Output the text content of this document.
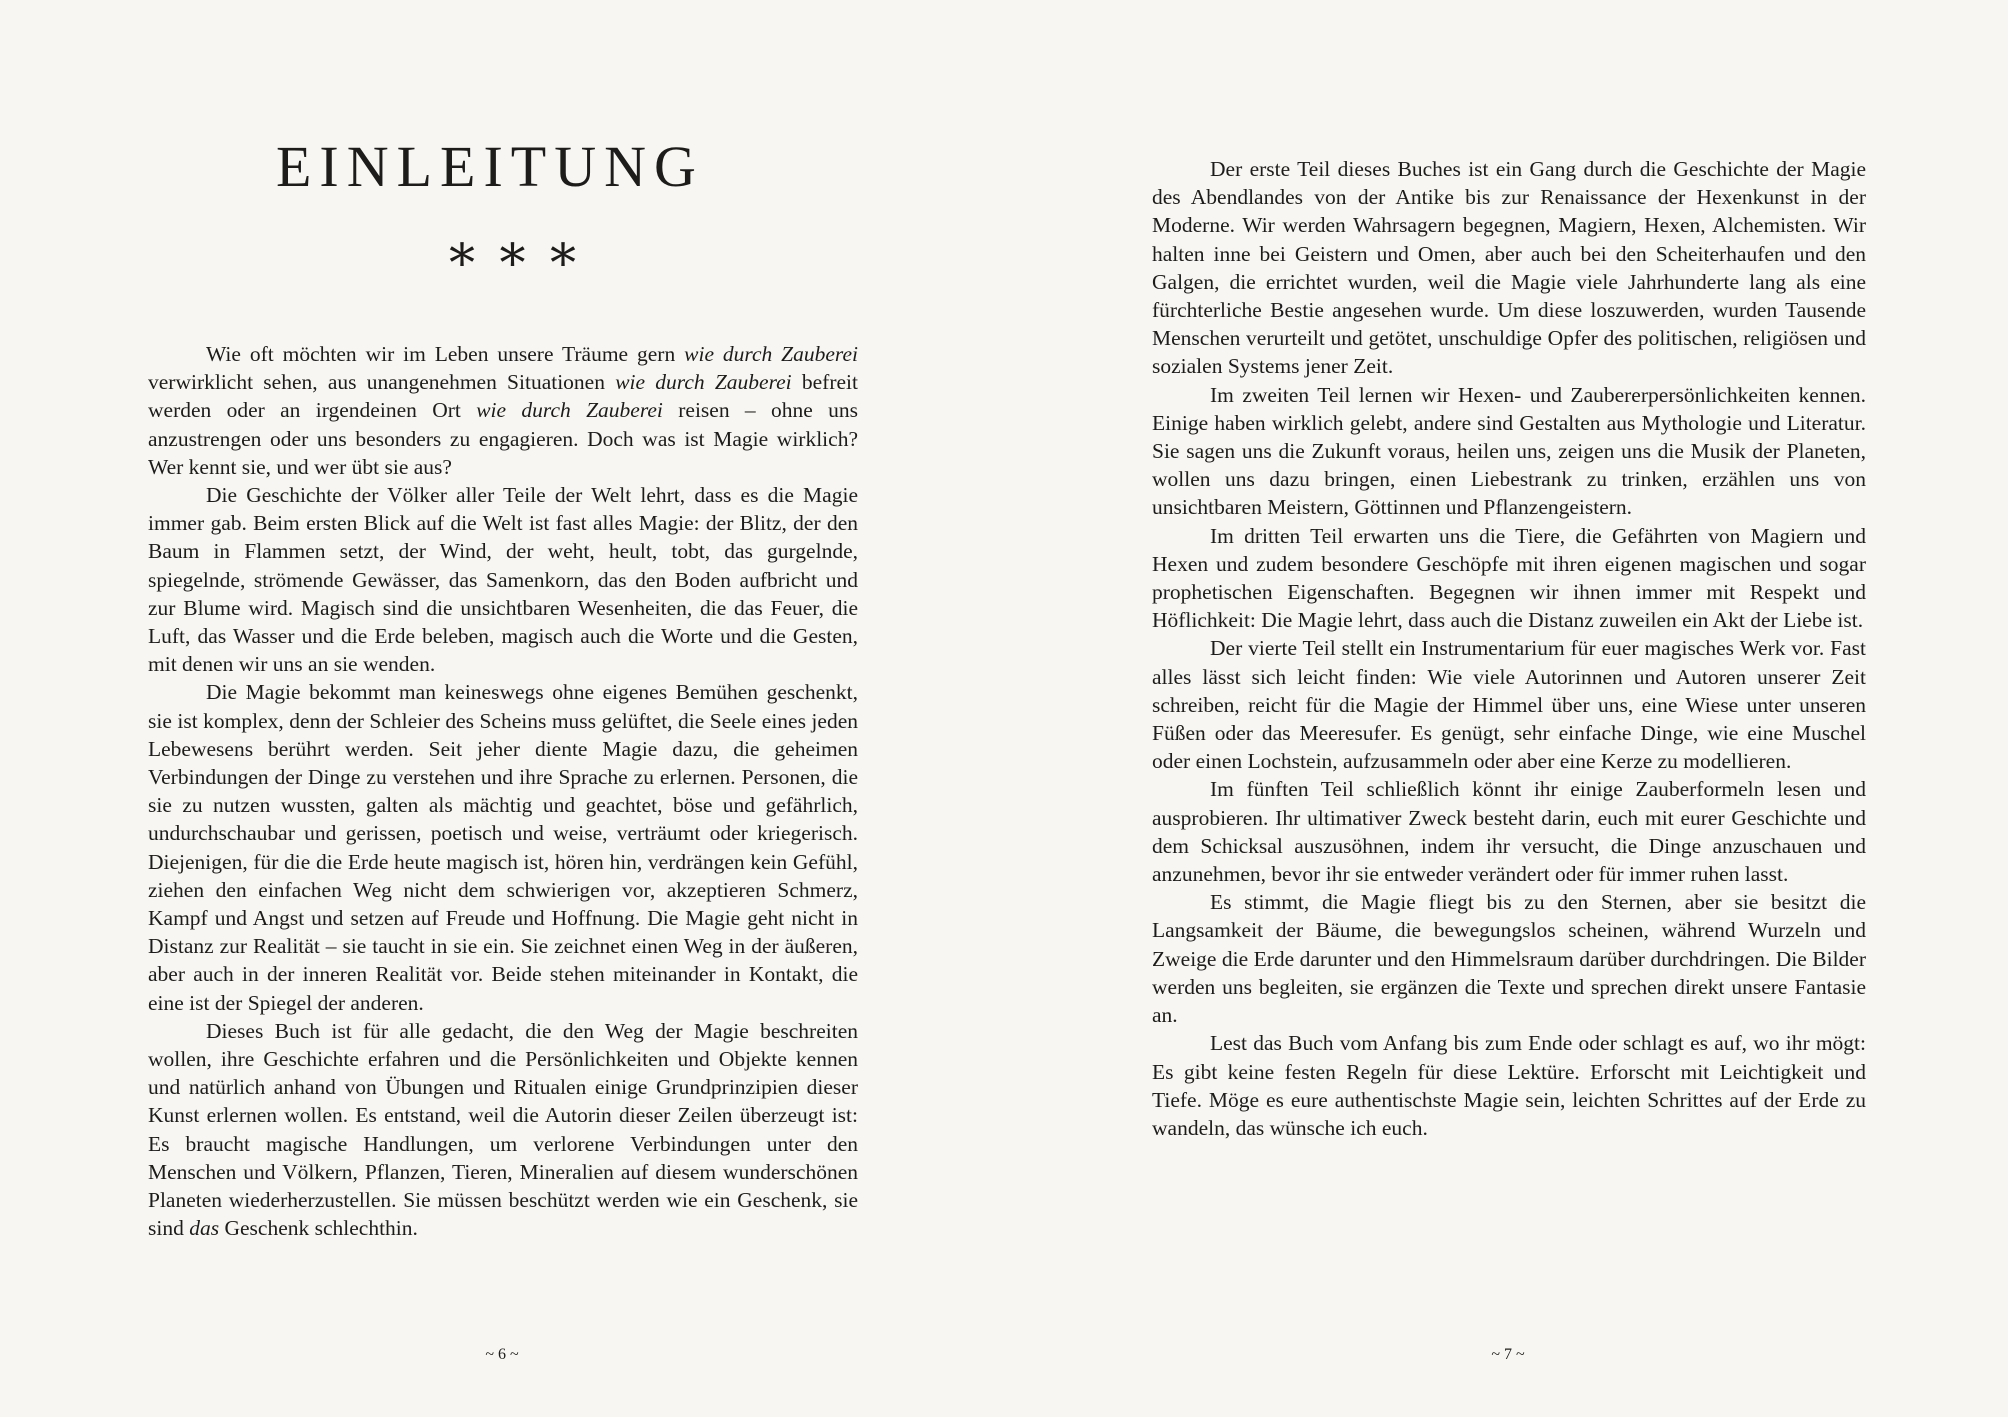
EINLEITUNG
* * *

Wie oft möchten wir im Leben unsere Träume gern wie durch Zauberei verwirklicht sehen, aus unangenehmen Situationen wie durch Zauberei befreit werden oder an irgendeinen Ort wie durch Zauberei reisen – ohne uns anzustrengen oder uns besonders zu engagieren. Doch was ist Magie wirklich? Wer kennt sie, und wer übt sie aus?

Die Geschichte der Völker aller Teile der Welt lehrt, dass es die Magie immer gab. Beim ersten Blick auf die Welt ist fast alles Magie: der Blitz, der den Baum in Flammen setzt, der Wind, der weht, heult, tobt, das gurgelnde, spiegelnde, strömende Gewässer, das Samenkorn, das den Boden aufbricht und zur Blume wird. Magisch sind die unsichtbaren Wesenheiten, die das Feuer, die Luft, das Wasser und die Erde beleben, magisch auch die Worte und die Gesten, mit denen wir uns an sie wenden.

Die Magie bekommt man keineswegs ohne eigenes Bemühen geschenkt, sie ist komplex, denn der Schleier des Scheins muss gelüftet, die Seele eines jeden Lebewesens berührt werden. Seit jeher diente Magie dazu, die geheimen Verbindungen der Dinge zu verstehen und ihre Sprache zu erlernen. Personen, die sie zu nutzen wussten, galten als mächtig und geachtet, böse und gefährlich, undurchschaubar und gerissen, poetisch und weise, verträumt oder kriegerisch. Diejenigen, für die die Erde heute magisch ist, hören hin, verdrängen kein Gefühl, ziehen den einfachen Weg nicht dem schwierigen vor, akzeptieren Schmerz, Kampf und Angst und setzen auf Freude und Hoffnung. Die Magie geht nicht in Distanz zur Realität – sie taucht in sie ein. Sie zeichnet einen Weg in der äußeren, aber auch in der inneren Realität vor. Beide stehen miteinander in Kontakt, die eine ist der Spiegel der anderen.

Dieses Buch ist für alle gedacht, die den Weg der Magie beschreiten wollen, ihre Geschichte erfahren und die Persönlichkeiten und Objekte kennen und natürlich anhand von Übungen und Ritualen einige Grundprinzipien dieser Kunst erlernen wollen. Es entstand, weil die Autorin dieser Zeilen überzeugt ist: Es braucht magische Handlungen, um verlorene Verbindungen unter den Menschen und Völkern, Pflanzen, Tieren, Mineralien auf diesem wunderschönen Planeten wiederherzustellen. Sie müssen beschützt werden wie ein Geschenk, sie sind das Geschenk schlechthin.

~ 6 ~

Der erste Teil dieses Buches ist ein Gang durch die Geschichte der Magie des Abendlandes von der Antike bis zur Renaissance der Hexenkunst in der Moderne. Wir werden Wahrsagern begegnen, Magiern, Hexen, Alchemisten. Wir halten inne bei Geistern und Omen, aber auch bei den Scheiterhaufen und den Galgen, die errichtet wurden, weil die Magie viele Jahrhunderte lang als eine fürchterliche Bestie angesehen wurde. Um diese loszuwerden, wurden Tausende Menschen verurteilt und getötet, unschuldige Opfer des politischen, religiösen und sozialen Systems jener Zeit.

Im zweiten Teil lernen wir Hexen- und Zaubererpersönlichkeiten kennen. Einige haben wirklich gelebt, andere sind Gestalten aus Mythologie und Literatur. Sie sagen uns die Zukunft voraus, heilen uns, zeigen uns die Musik der Planeten, wollen uns dazu bringen, einen Liebestrank zu trinken, erzählen uns von unsichtbaren Meistern, Göttinnen und Pflanzengeistern.

Im dritten Teil erwarten uns die Tiere, die Gefährten von Magiern und Hexen und zudem besondere Geschöpfe mit ihren eigenen magischen und sogar prophetischen Eigenschaften. Begegnen wir ihnen immer mit Respekt und Höflichkeit: Die Magie lehrt, dass auch die Distanz zuweilen ein Akt der Liebe ist.

Der vierte Teil stellt ein Instrumentarium für euer magisches Werk vor. Fast alles lässt sich leicht finden: Wie viele Autorinnen und Autoren unserer Zeit schreiben, reicht für die Magie der Himmel über uns, eine Wiese unter unseren Füßen oder das Meeresufer. Es genügt, sehr einfache Dinge, wie eine Muschel oder einen Lochstein, aufzusammeln oder aber eine Kerze zu modellieren.

Im fünften Teil schließlich könnt ihr einige Zauberformeln lesen und ausprobieren. Ihr ultimativer Zweck besteht darin, euch mit eurer Geschichte und dem Schicksal auszusöhnen, indem ihr versucht, die Dinge anzuschauen und anzunehmen, bevor ihr sie entweder verändert oder für immer ruhen lasst.

Es stimmt, die Magie fliegt bis zu den Sternen, aber sie besitzt die Langsamkeit der Bäume, die bewegungslos scheinen, während Wurzeln und Zweige die Erde darunter und den Himmelsraum darüber durchdringen. Die Bilder werden uns begleiten, sie ergänzen die Texte und sprechen direkt unsere Fantasie an.

Lest das Buch vom Anfang bis zum Ende oder schlagt es auf, wo ihr mögt: Es gibt keine festen Regeln für diese Lektüre. Erforscht mit Leichtigkeit und Tiefe. Möge es eure authentischste Magie sein, leichten Schrittes auf der Erde zu wandeln, das wünsche ich euch.

~ 7 ~
